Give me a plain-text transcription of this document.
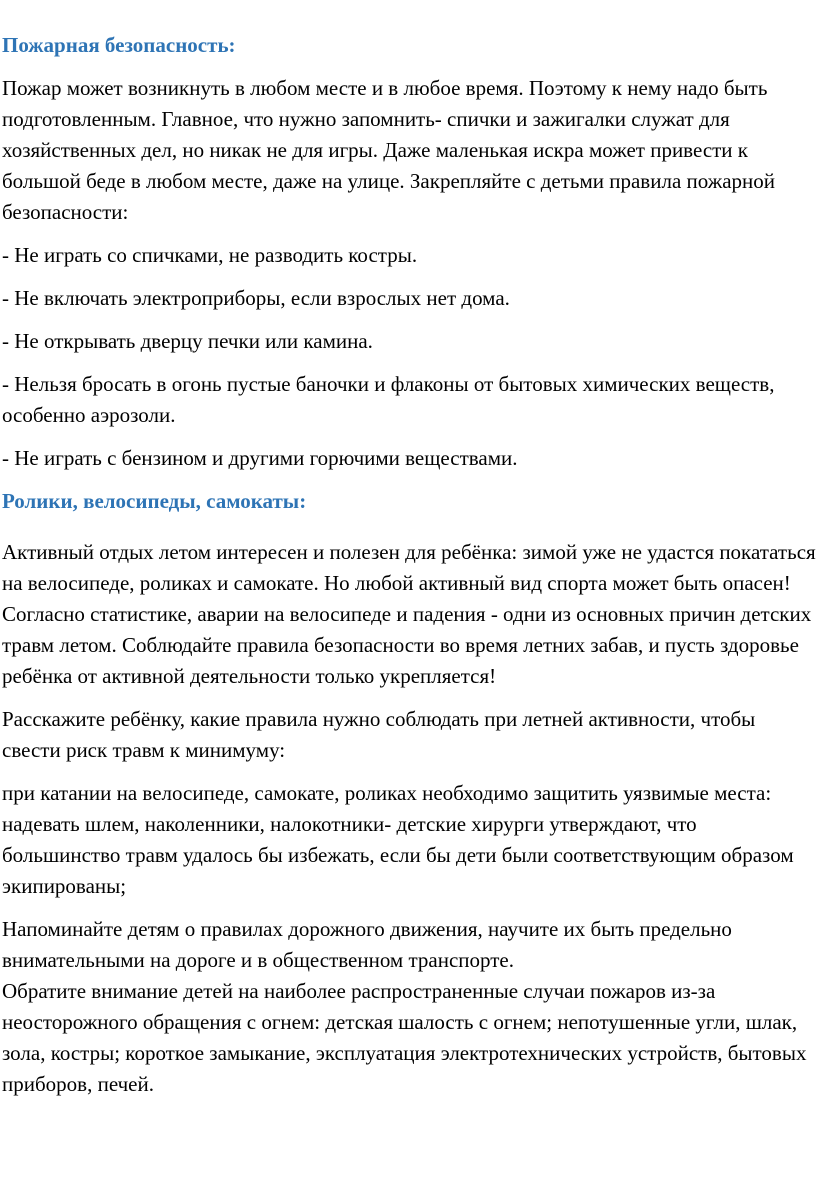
Пожарная безопасность:

Пожар может возникнуть в любом месте и в любое время. Поэтому к нему надо быть подготовленным. Главное, что нужно запомнить- спички и зажигалки служат для хозяйственных дел, но никак не для игры. Даже маленькая искра может привести к большой беде в любом месте, даже на улице. Закрепляйте с детьми правила пожарной безопасности:

- Не играть со спичками, не разводить костры.

- Не включать электроприборы, если взрослых нет дома.

- Не открывать дверцу печки или камина.

- Нельзя бросать в огонь пустые баночки и флаконы от бытовых химических веществ, особенно аэрозоли.

- Не играть с бензином и другими горючими веществами.

Ролики, велосипеды, самокаты:

Активный отдых летом интересен и полезен для ребёнка: зимой уже не удастся покататься на велосипеде, роликах и самокате. Но любой активный вид спорта может быть опасен! Согласно статистике, аварии на велосипеде и падения - одни из основных причин детских травм летом. Соблюдайте правила безопасности во время летних забав, и пусть здоровье ребёнка от активной деятельности только укрепляется!

Расскажите ребёнку, какие правила нужно соблюдать при летней активности, чтобы свести риск травм к минимуму:

при катании на велосипеде, самокате, роликах необходимо защитить уязвимые места: надевать шлем, наколенники, налокотники- детские хирурги утверждают, что большинство травм удалось бы избежать, если бы дети были соответствующим образом экипированы;

Напоминайте детям о правилах дорожного движения, научите их быть предельно внимательными на дороге и в общественном транспорте.

Обратите внимание детей на наиболее распространенные случаи пожаров из-за неосторожного обращения с огнем: детская шалость с огнем; непотушенные угли, шлак, зола, костры; короткое замыкание, эксплуатация электротехнических устройств, бытовых приборов, печей.
